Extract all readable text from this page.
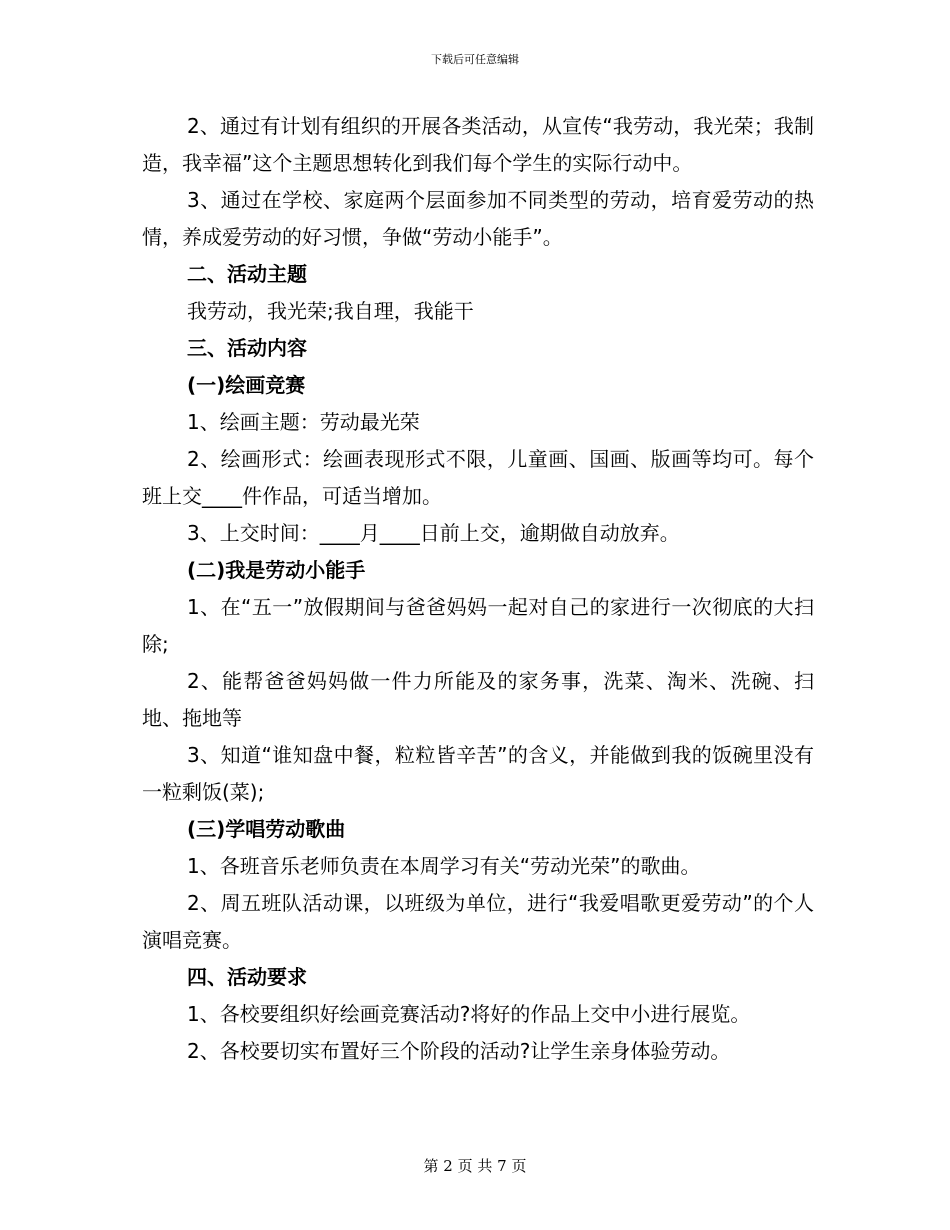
下载后可任意编辑

2、通过有计划有组织的开展各类活动，从宣传“我劳动，我光荣；我制造，我幸福”这个主题思想转化到我们每个学生的实际行动中。

3、通过在学校、家庭两个层面参加不同类型的劳动，培育爱劳动的热情，养成爱劳动的好习惯，争做“劳动小能手”。

二、活动主题

我劳动，我光荣;我自理，我能干

三、活动内容

(一)绘画竞赛

1、绘画主题：劳动最光荣

2、绘画形式：绘画表现形式不限，儿童画、国画、版画等均可。每个班上交____件作品，可适当增加。

3、上交时间：____月____日前上交，逾期做自动放弃。

(二)我是劳动小能手

1、在“五一”放假期间与爸爸妈妈一起对自己的家进行一次彻底的大扫除;

2、能帮爸爸妈妈做一件力所能及的家务事，洗菜、淘米、洗碗、扫地、拖地等

3、知道“谁知盘中餐，粒粒皆辛苦”的含义，并能做到我的饭碗里没有一粒剩饭(菜);

(三)学唱劳动歌曲

1、各班音乐老师负责在本周学习有关“劳动光荣”的歌曲。

2、周五班队活动课，以班级为单位，进行“我爱唱歌更爱劳动”的个人演唱竞赛。

四、活动要求

1、各校要组织好绘画竞赛活动?将好的作品上交中小进行展览。

2、各校要切实布置好三个阶段的活动?让学生亲身体验劳动。

第 2 页 共 7 页
